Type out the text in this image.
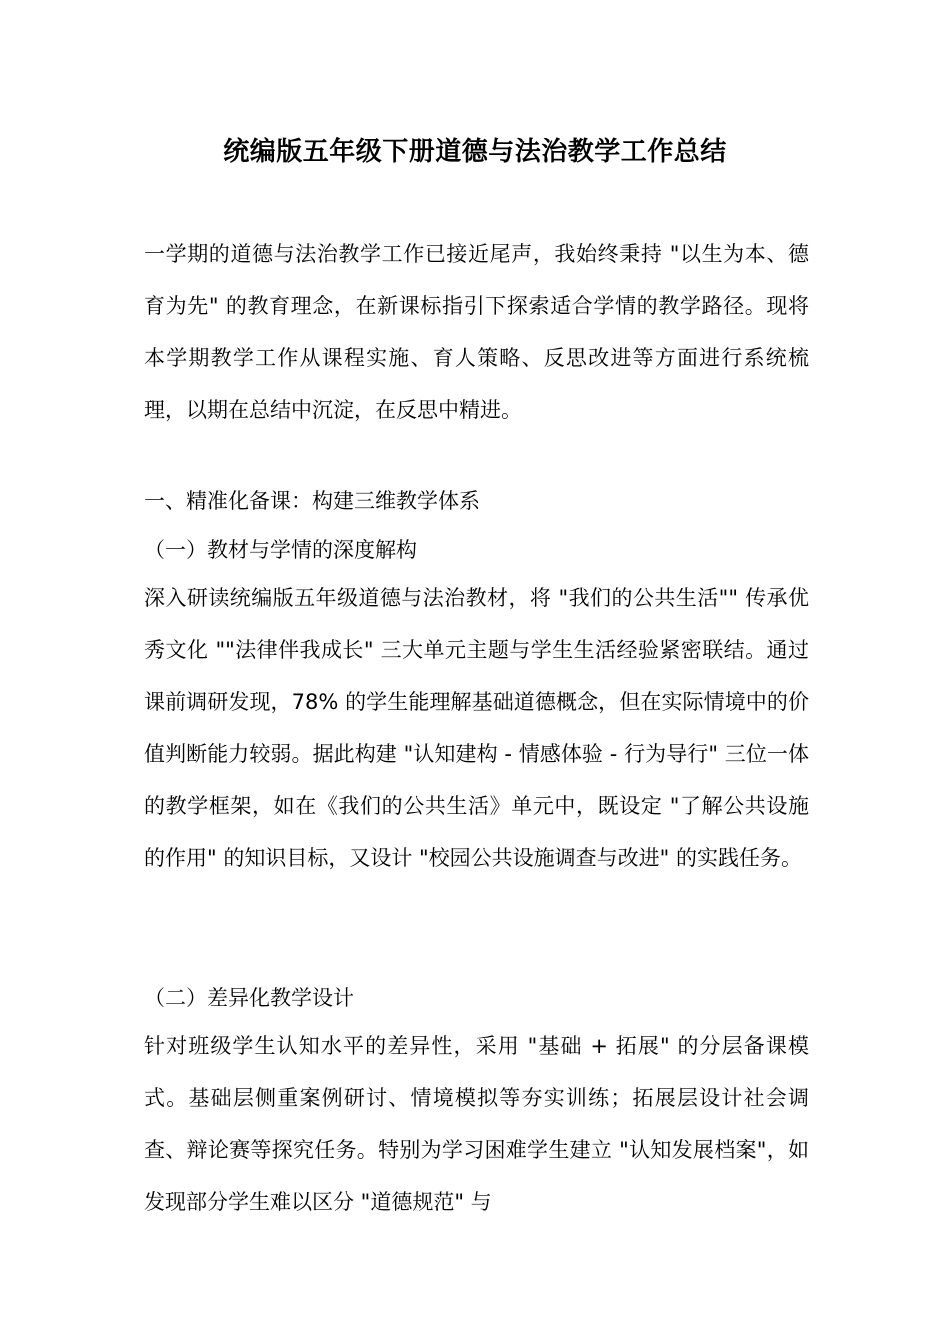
统编版五年级下册道德与法治教学工作总结

一学期的道德与法治教学工作已接近尾声，我始终秉持 "以生为本、德育为先" 的教育理念，在新课标指引下探索适合学情的教学路径。现将本学期教学工作从课程实施、育人策略、反思改进等方面进行系统梳理，以期在总结中沉淀，在反思中精进。

一、精准化备课：构建三维教学体系

（一）教材与学情的深度解构

深入研读统编版五年级道德与法治教材，将 "我们的公共生活"" 传承优秀文化 ""法律伴我成长" 三大单元主题与学生生活经验紧密联结。通过课前调研发现，78% 的学生能理解基础道德概念，但在实际情境中的价值判断能力较弱。据此构建 "认知建构 - 情感体验 - 行为导行" 三位一体的教学框架，如在《我们的公共生活》单元中，既设定 "了解公共设施的作用" 的知识目标，又设计 "校园公共设施调查与改进" 的实践任务。

（二）差异化教学设计

针对班级学生认知水平的差异性，采用 "基础 + 拓展" 的分层备课模式。基础层侧重案例研讨、情境模拟等夯实训练；拓展层设计社会调查、辩论赛等探究任务。特别为学习困难学生建立 "认知发展档案"，如发现部分学生难以区分 "道德规范" 与
